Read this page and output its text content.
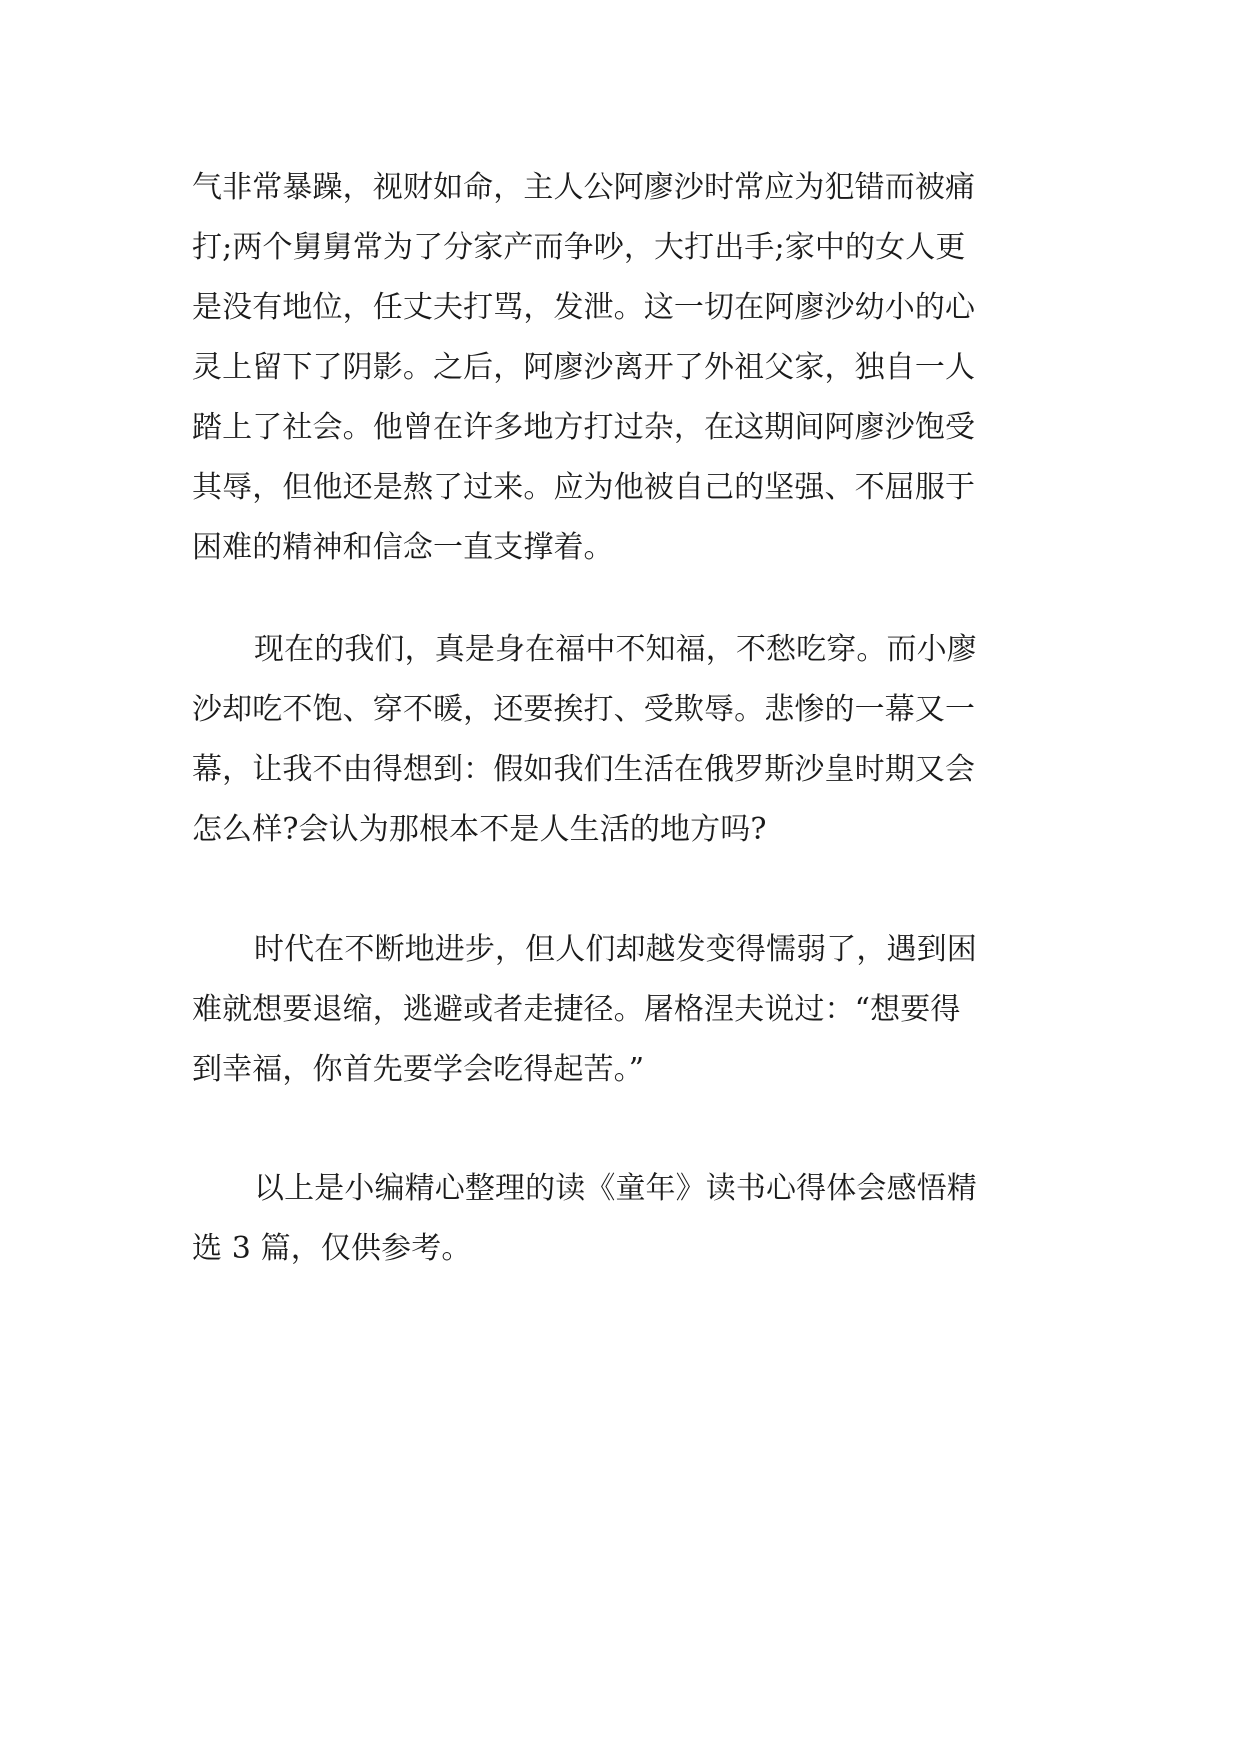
气非常暴躁，视财如命，主人公阿廖沙时常应为犯错而被痛
打;两个舅舅常为了分家产而争吵，大打出手;家中的女人更
是没有地位，任丈夫打骂，发泄。这一切在阿廖沙幼小的心
灵上留下了阴影。之后，阿廖沙离开了外祖父家，独自一人
踏上了社会。他曾在许多地方打过杂，在这期间阿廖沙饱受
其辱，但他还是熬了过来。应为他被自己的坚强、不屈服于
困难的精神和信念一直支撑着。
现在的我们，真是身在福中不知福，不愁吃穿。而小廖
沙却吃不饱、穿不暖，还要挨打、受欺辱。悲惨的一幕又一
幕，让我不由得想到：假如我们生活在俄罗斯沙皇时期又会
怎么样?会认为那根本不是人生活的地方吗?
时代在不断地进步，但人们却越发变得懦弱了，遇到困
难就想要退缩，逃避或者走捷径。屠格涅夫说过：“想要得
到幸福，你首先要学会吃得起苦。”
以上是小编精心整理的读《童年》读书心得体会感悟精
选 3 篇，仅供参考。
